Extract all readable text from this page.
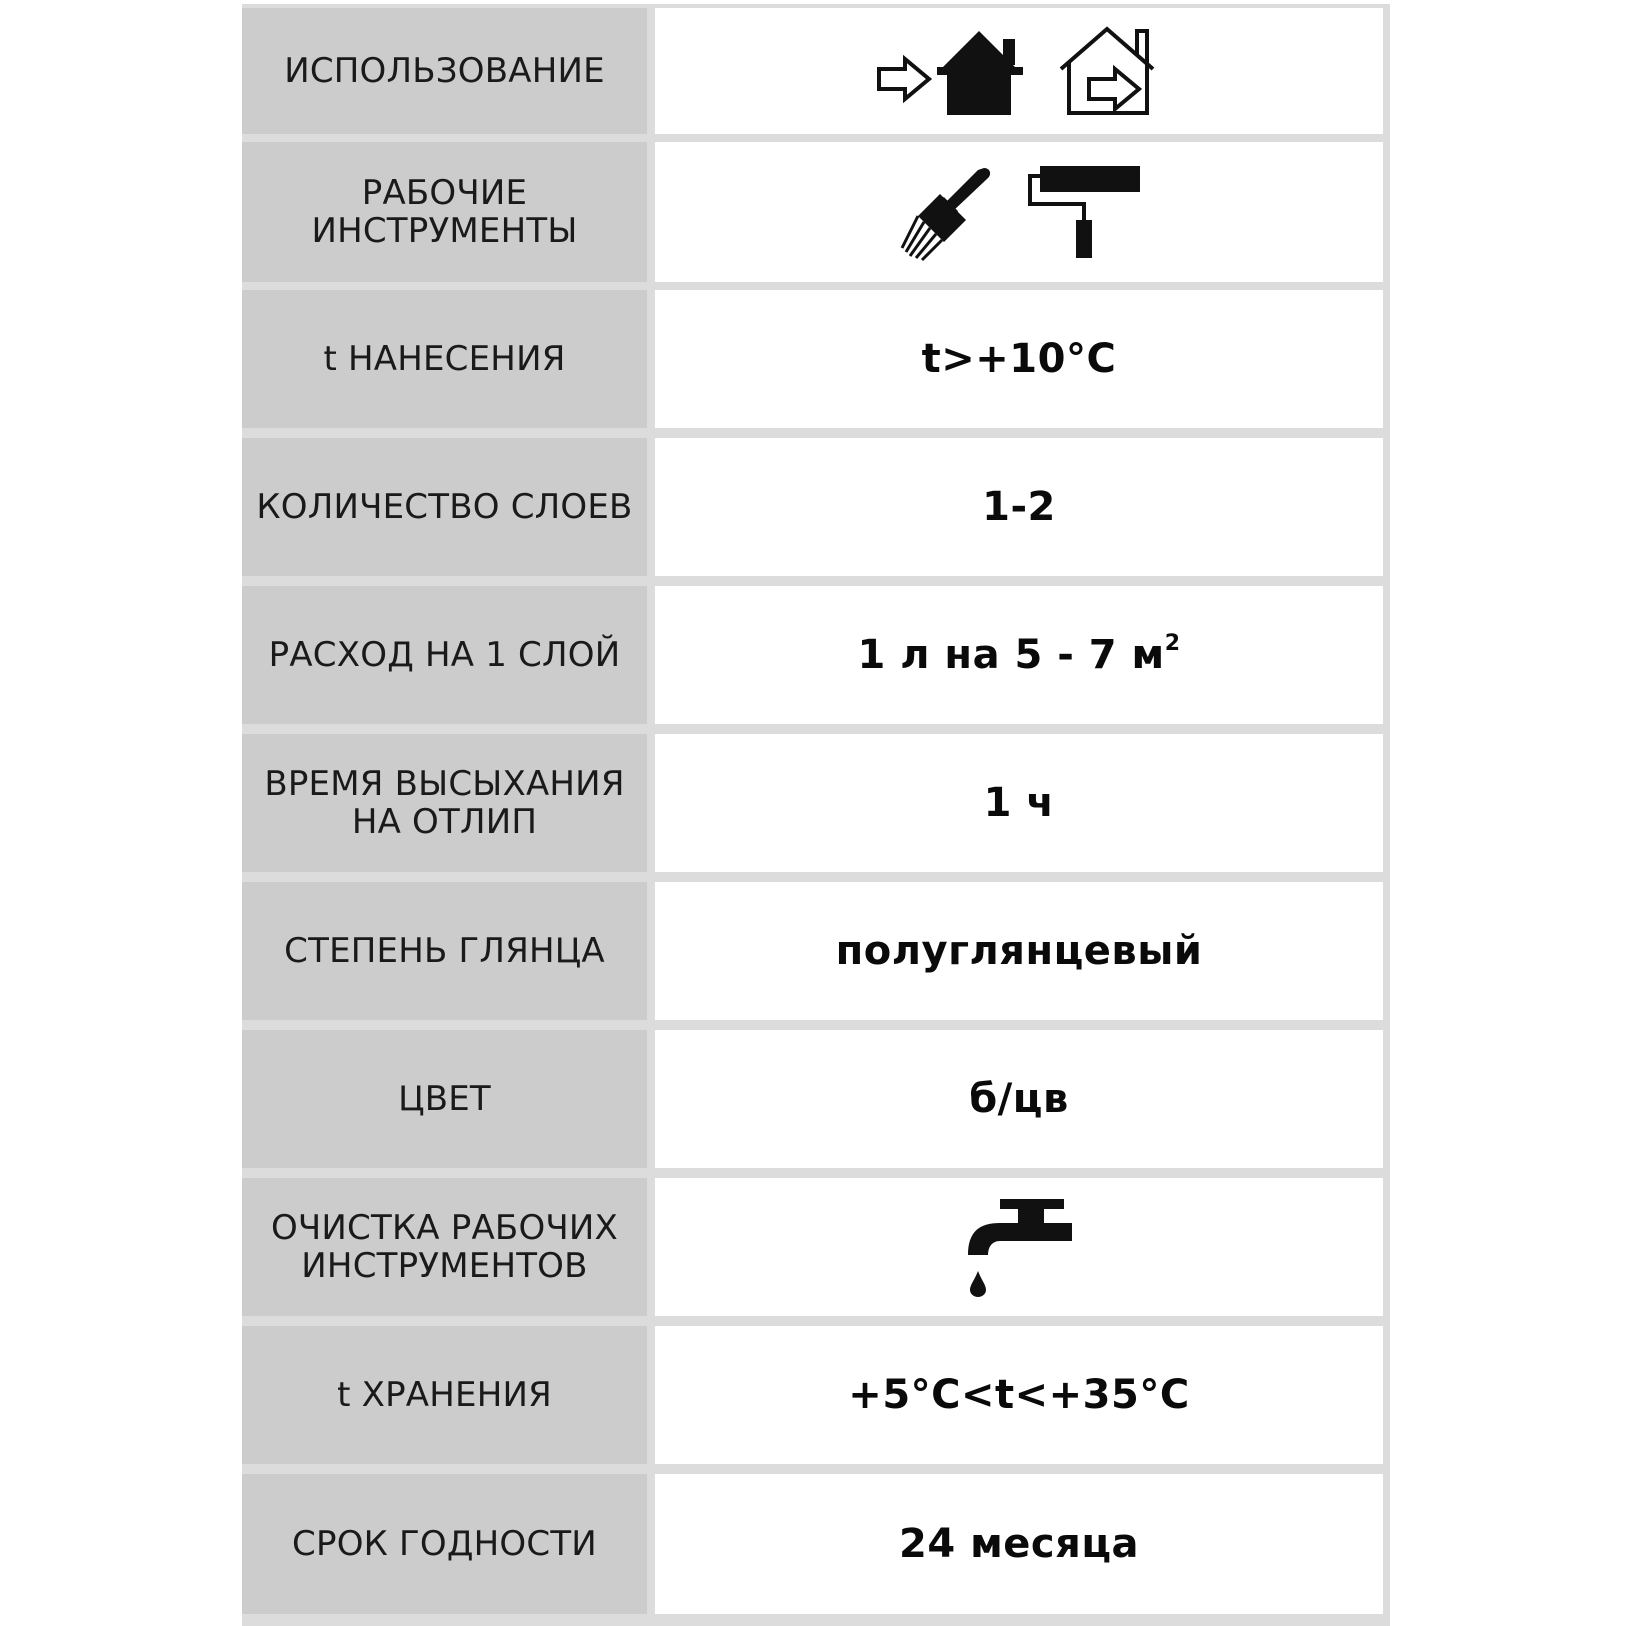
ИСПОЛЬЗОВАНИЕ
РАБОЧИЕ
ИНСТРУМЕНТЫ
t НАНЕСЕНИЯ	t>+10°C
КОЛИЧЕСТВО СЛОЕВ	1-2
РАСХОД НА 1 СЛОЙ	1 л на 5 - 7 $м^2$
ВРЕМЯ ВЫСЫХАНИЯ
НА ОТЛИП	1 ч
СТЕПЕНЬ ГЛЯНЦА	полуглянцевый
ЦВЕТ	б/цв
ОЧИСТКА РАБОЧИХ
ИНСТРУМЕНТОВ
t ХРАНЕНИЯ	+5°C<t<+35°C
СРОК ГОДНОСТИ	24 месяца
